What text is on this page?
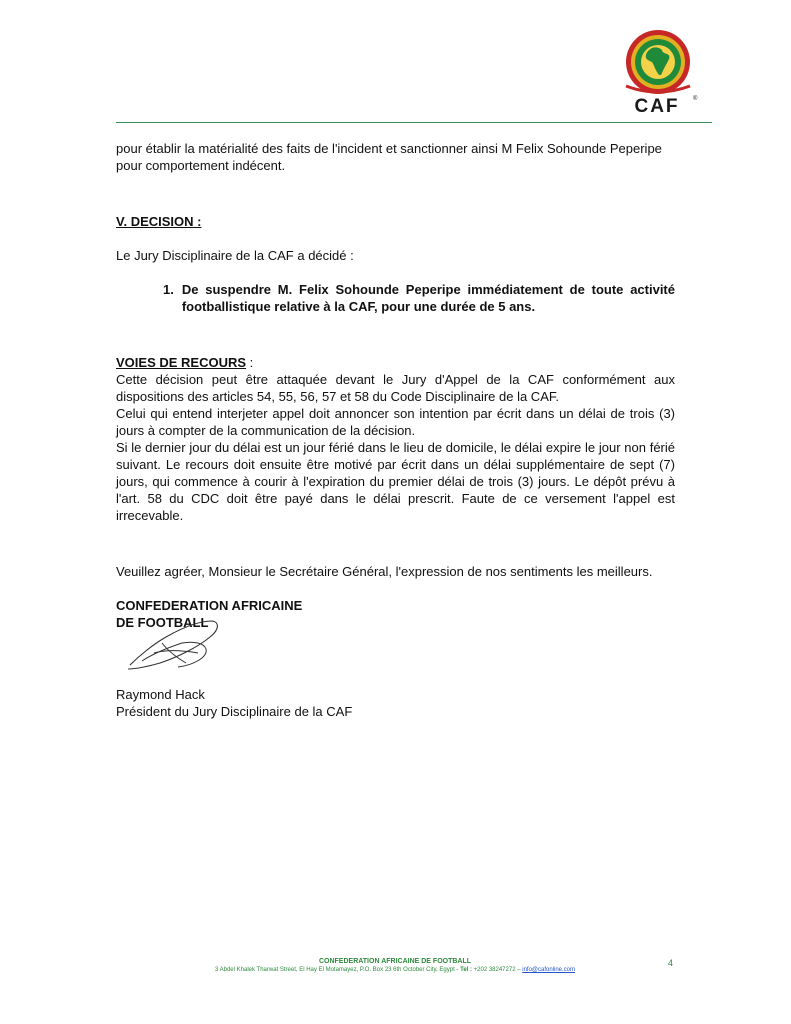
CAF ®

pour établir la matérialité des faits de l'incident et sanctionner ainsi M Felix Sohounde Peperipe pour comportement indécent.

V. DECISION :

Le Jury Disciplinaire de la CAF a décidé :

1. De suspendre M. Felix Sohounde Peperipe immédiatement de toute activité footballistique relative à la CAF, pour une durée de 5 ans.

VOIES DE RECOURS :

Cette décision peut être attaquée devant le Jury d'Appel de la CAF conformément aux dispositions des articles 54, 55, 56, 57 et 58 du Code Disciplinaire de la CAF.

Celui qui entend interjeter appel doit annoncer son intention par écrit dans un délai de trois (3) jours à compter de la communication de la décision.

Si le dernier jour du délai est un jour férié dans le lieu de domicile, le délai expire le jour non férié suivant. Le recours doit ensuite être motivé par écrit dans un délai supplémentaire de sept (7) jours, qui commence à courir à l'expiration du premier délai de trois (3) jours. Le dépôt prévu à l'art. 58 du CDC doit être payé dans le délai prescrit. Faute de ce versement l'appel est irrecevable.

Veuillez agréer, Monsieur le Secrétaire Général, l'expression de nos sentiments les meilleurs.

CONFEDERATION AFRICAINE

DE FOOTBALL

Raymond Hack
Président du Jury Disciplinaire de la CAF
CONFEDERATION AFRICAINE DE FOOTBALL
3 Abdel Khalek Tharwat Street, El Hay El Motamayez, P.O. Box 23 6th October City, Egypt - Tel : +202 38247272 – info@cafonline.com
4
